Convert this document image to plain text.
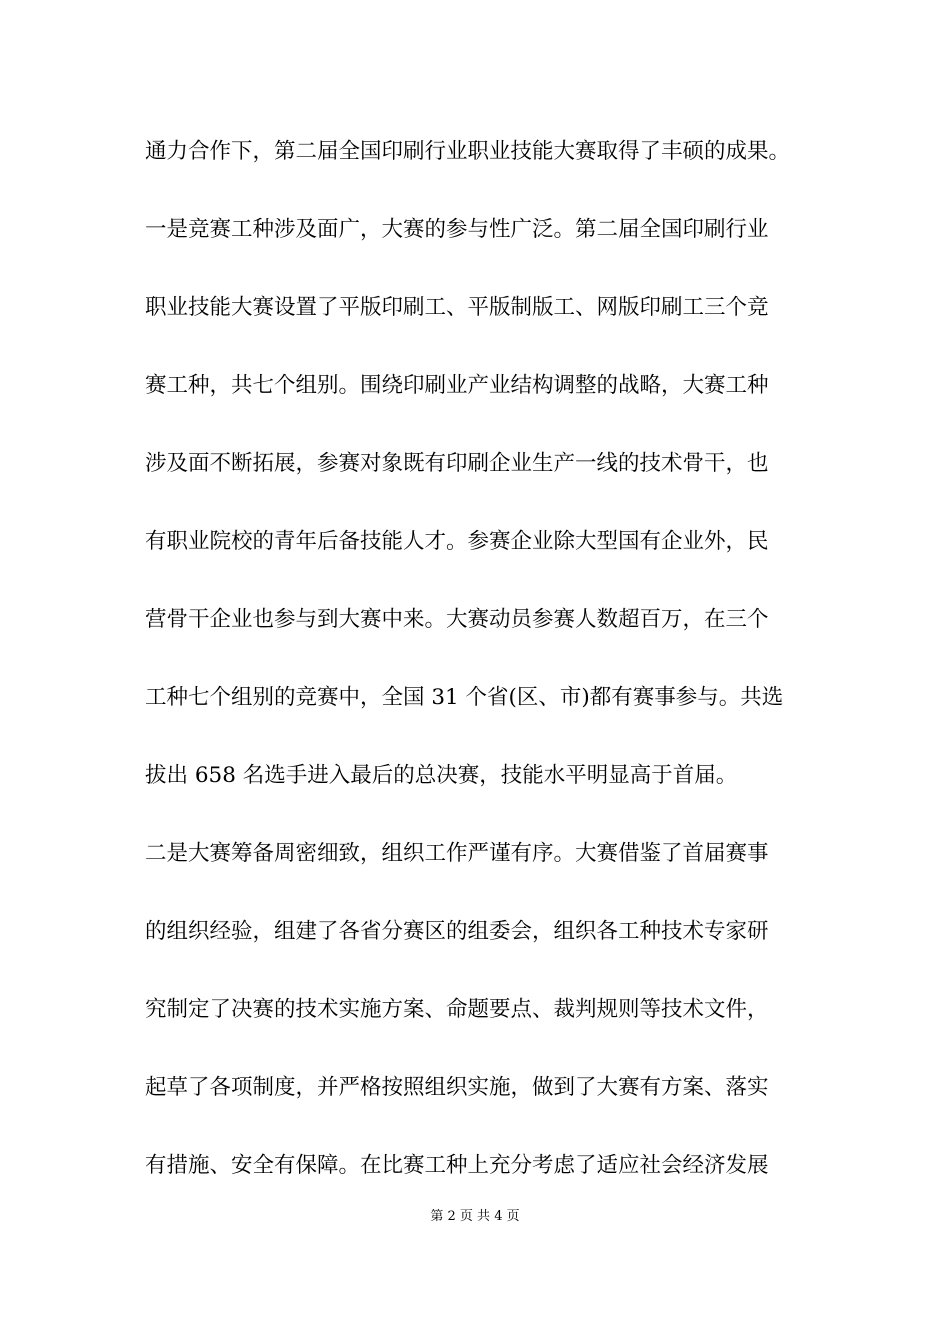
通力合作下，第二届全国印刷行业职业技能大赛取得了丰硕的成果。
一是竞赛工种涉及面广，大赛的参与性广泛。第二届全国印刷行业
职业技能大赛设置了平版印刷工、平版制版工、网版印刷工三个竞
赛工种，共七个组别。围绕印刷业产业结构调整的战略，大赛工种
涉及面不断拓展，参赛对象既有印刷企业生产一线的技术骨干，也
有职业院校的青年后备技能人才。参赛企业除大型国有企业外，民
营骨干企业也参与到大赛中来。大赛动员参赛人数超百万，在三个
工种七个组别的竞赛中，全国 31 个省(区、市)都有赛事参与。共选
拔出 658 名选手进入最后的总决赛，技能水平明显高于首届。
二是大赛筹备周密细致，组织工作严谨有序。大赛借鉴了首届赛事
的组织经验，组建了各省分赛区的组委会，组织各工种技术专家研
究制定了决赛的技术实施方案、命题要点、裁判规则等技术文件，
起草了各项制度，并严格按照组织实施，做到了大赛有方案、落实
有措施、安全有保障。在比赛工种上充分考虑了适应社会经济发展
第 2 页 共 4 页
